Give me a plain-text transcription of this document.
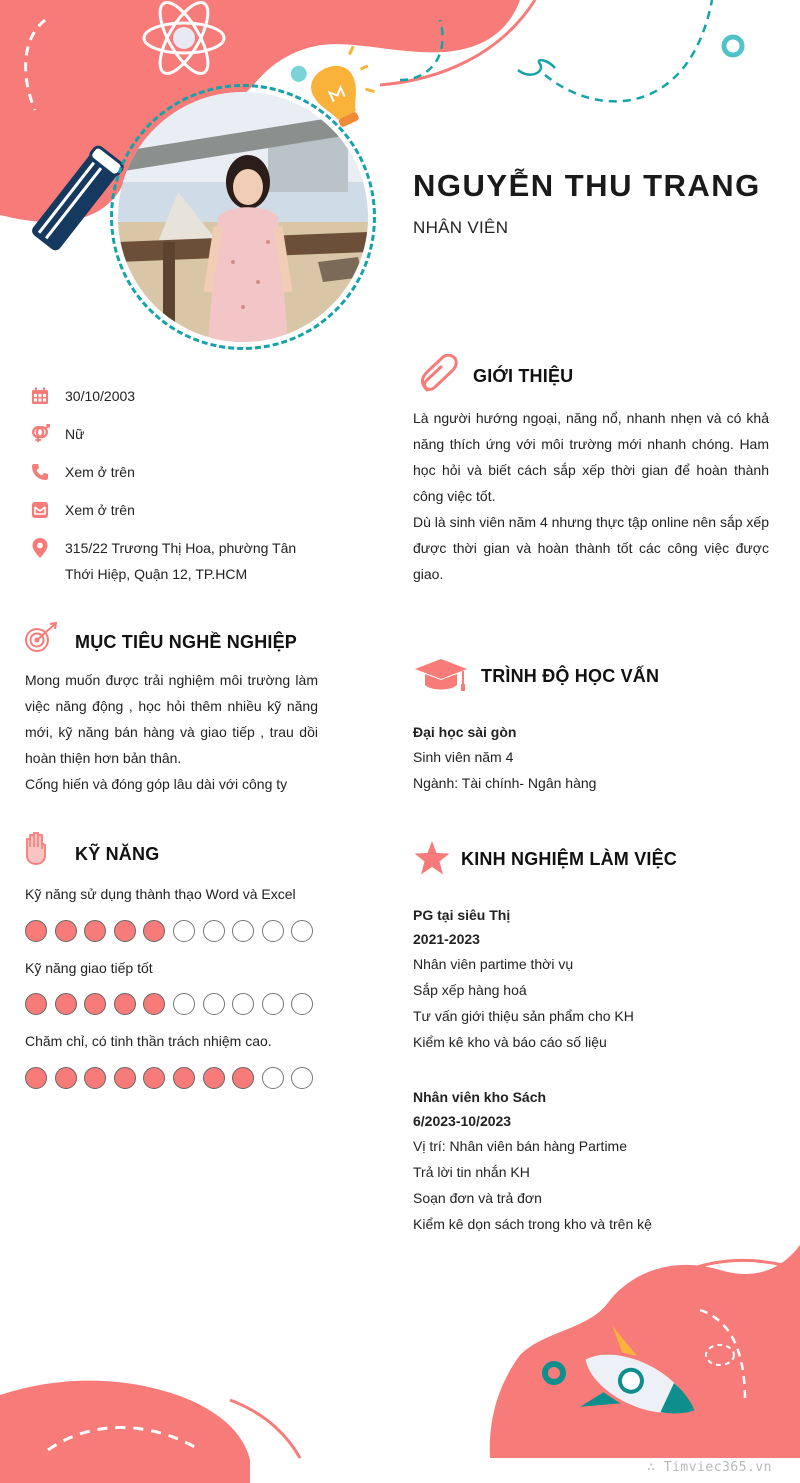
NGUYỄN THU TRANG
NHÂN VIÊN
30/10/2003
Nữ
Xem ở trên
Xem ở trên
315/22 Trương Thị Hoa, phường Tân
Thới Hiệp, Quận 12, TP.HCM
GIỚI THIỆU

Là người hướng ngoại, năng nổ, nhanh nhẹn và có khả năng thích ứng với môi trường mới nhanh chóng. Ham học hỏi và biết cách sắp xếp thời gian để hoàn thành công việc tốt.

Dù là sinh viên năm 4 nhưng thực tập online nên sắp xếp được thời gian và hoàn thành tốt các công việc được giao.

MỤC TIÊU NGHỀ NGHIỆP

Mong muốn được trải nghiệm môi trường làm việc năng động , học hỏi thêm nhiều kỹ năng mới, kỹ năng bán hàng và giao tiếp , trau dồi hoàn thiện hơn bản thân.

Cống hiến và đóng góp lâu dài với công ty

KỸ NĂNG
Kỹ năng sử dụng thành thạo Word và Excel
Kỹ năng giao tiếp tốt
Chăm chỉ, có tinh thần trách nhiệm cao.
TRÌNH ĐỘ HỌC VẤN
Đại học sài gòn
Sinh viên năm 4
Ngành: Tài chính- Ngân hàng
KINH NGHIỆM LÀM VIỆC
PG tại siêu Thị
2021-2023
Nhân viên partime thời vụ
Sắp xếp hàng hoá
Tư vấn giới thiệu sản phẩm cho KH
Kiểm kê kho và báo cáo số liệu
Nhân viên kho Sách
6/2023-10/2023
Vị trí: Nhân viên bán hàng Partime
Trả lời tin nhắn KH
Soạn đơn và trả đơn
Kiểm kê dọn sách trong kho và trên kệ
∴ Timviec365.vn
